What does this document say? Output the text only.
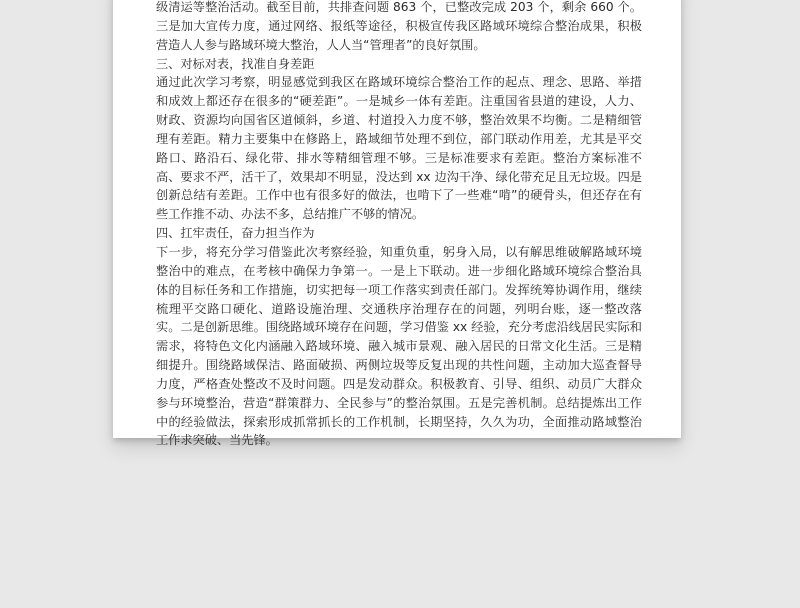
级清运等整治活动。截至目前，共排查问题 863 个，已整改完成 203 个，剩余 660 个。三是加大宣传力度，通过网络、报纸等途径，积极宣传我区路域环境综合整治成果，积极营造人人参与路域环境大整治，人人当“管理者”的良好氛围。

三、对标对表，找准自身差距

通过此次学习考察，明显感觉到我区在路域环境综合整治工作的起点、理念、思路、举措和成效上都还存在很多的“硬差距”。一是城乡一体有差距。注重国省县道的建设，人力、财政、资源均向国省区道倾斜，乡道、村道投入力度不够，整治效果不均衡。二是精细管理有差距。精力主要集中在修路上，路域细节处理不到位，部门联动作用差，尤其是平交路口、路沿石、绿化带、排水等精细管理不够。三是标准要求有差距。整治方案标准不高、要求不严，活干了，效果却不明显，没达到 xx 边沟干净、绿化带充足且无垃圾。四是创新总结有差距。工作中也有很多好的做法，也啃下了一些难“啃”的硬骨头，但还存在有些工作推不动、办法不多，总结推广不够的情况。

四、扛牢责任，奋力担当作为

下一步，将充分学习借鉴此次考察经验，知重负重，躬身入局，以有解思维破解路域环境整治中的难点，在考核中确保力争第一。一是上下联动。进一步细化路域环境综合整治具体的目标任务和工作措施，切实把每一项工作落实到责任部门。发挥统筹协调作用，继续梳理平交路口硬化、道路设施治理、交通秩序治理存在的问题，列明台账，逐一整改落实。二是创新思维。围绕路域环境存在问题，学习借鉴 xx 经验，充分考虑沿线居民实际和需求，将特色文化内涵融入路域环境、融入城市景观、融入居民的日常文化生活。三是精细提升。围绕路域保洁、路面破损、两侧垃圾等反复出现的共性问题，主动加大巡查督导力度，严格查处整改不及时问题。四是发动群众。积极教育、引导、组织、动员广大群众参与环境整治，营造“群策群力、全民参与”的整治氛围。五是完善机制。总结提炼出工作中的经验做法，探索形成抓常抓长的工作机制，长期坚持，久久为功，全面推动路域整治工作求突破、当先锋。
